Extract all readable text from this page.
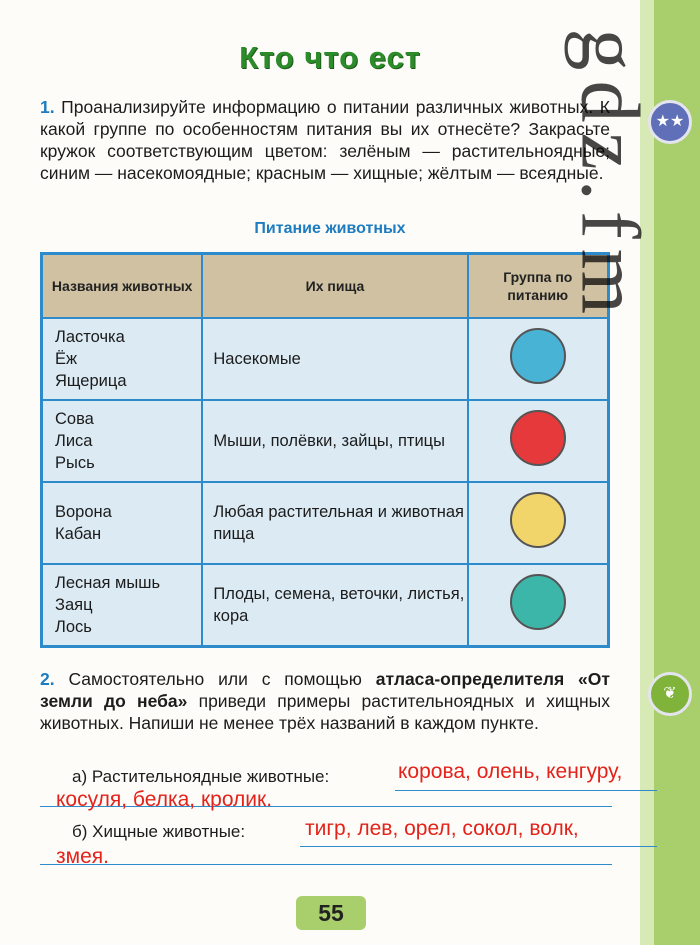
Кто что ест
1. Проанализируйте информацию о питании различных животных. К какой группе по особенностям питания вы их отнесёте? Закрасьте кружок соответствующим цветом: зелёным — растительноядные; синим — насекомоядные; красным — хищные; жёлтым — всеядные.
★★
Питание животных
Названия животных	Их пища	Группа по питанию

Ласточка
Ёж
Ящерица	Насекомые	

Сова
Лиса
Рысь	Мыши, полёвки, зайцы, птицы	

Ворона
Кабан	Любая растительная и животная пища	

Лесная мышь
Заяц
Лось	Плоды, семена, веточки, листья, кора	
❦
2. Самостоятельно или с помощью атласа-определителя «От земли до неба» приведи примеры растительноядных и хищных животных. Напиши не менее трёх названий в каждом пункте.
а) Растительноядные животные:	корова, олень, кенгуру,
косуля, белка, кролик.
б) Хищные животные:	тигр, лев, орел, сокол, волк,
змея.
55
gdz.fm
